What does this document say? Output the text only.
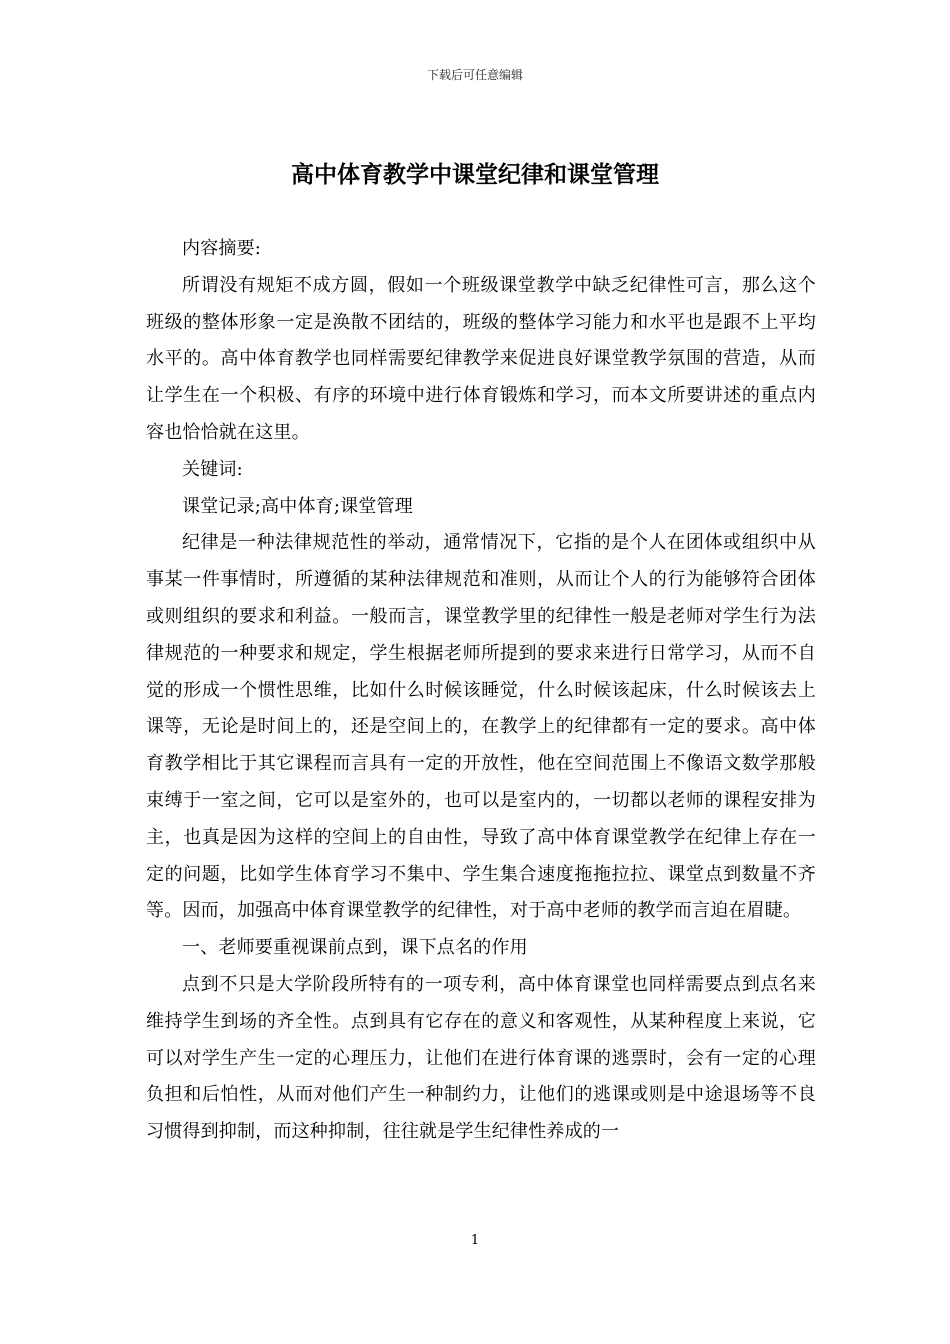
下载后可任意编辑
高中体育教学中课堂纪律和课堂管理

内容摘要:

所谓没有规矩不成方圆，假如一个班级课堂教学中缺乏纪律性可言，那么这个班级的整体形象一定是涣散不团结的，班级的整体学习能力和水平也是跟不上平均水平的。高中体育教学也同样需要纪律教学来促进良好课堂教学氛围的营造，从而让学生在一个积极、有序的环境中进行体育锻炼和学习，而本文所要讲述的重点内容也恰恰就在这里。

关键词:

课堂记录;高中体育;课堂管理

纪律是一种法律规范性的举动，通常情况下，它指的是个人在团体或组织中从事某一件事情时，所遵循的某种法律规范和准则，从而让个人的行为能够符合团体或则组织的要求和利益。一般而言，课堂教学里的纪律性一般是老师对学生行为法律规范的一种要求和规定，学生根据老师所提到的要求来进行日常学习，从而不自觉的形成一个惯性思维，比如什么时候该睡觉，什么时候该起床，什么时候该去上课等，无论是时间上的，还是空间上的，在教学上的纪律都有一定的要求。高中体育教学相比于其它课程而言具有一定的开放性，他在空间范围上不像语文数学那般束缚于一室之间，它可以是室外的，也可以是室内的，一切都以老师的课程安排为主，也真是因为这样的空间上的自由性，导致了高中体育课堂教学在纪律上存在一定的问题，比如学生体育学习不集中、学生集合速度拖拖拉拉、课堂点到数量不齐等。因而，加强高中体育课堂教学的纪律性，对于高中老师的教学而言迫在眉睫。

一、老师要重视课前点到，课下点名的作用

点到不只是大学阶段所特有的一项专利，高中体育课堂也同样需要点到点名来维持学生到场的齐全性。点到具有它存在的意义和客观性，从某种程度上来说，它可以对学生产生一定的心理压力，让他们在进行体育课的逃票时，会有一定的心理负担和后怕性，从而对他们产生一种制约力，让他们的逃课或则是中途退场等不良习惯得到抑制，而这种抑制，往往就是学生纪律性养成的一

1
